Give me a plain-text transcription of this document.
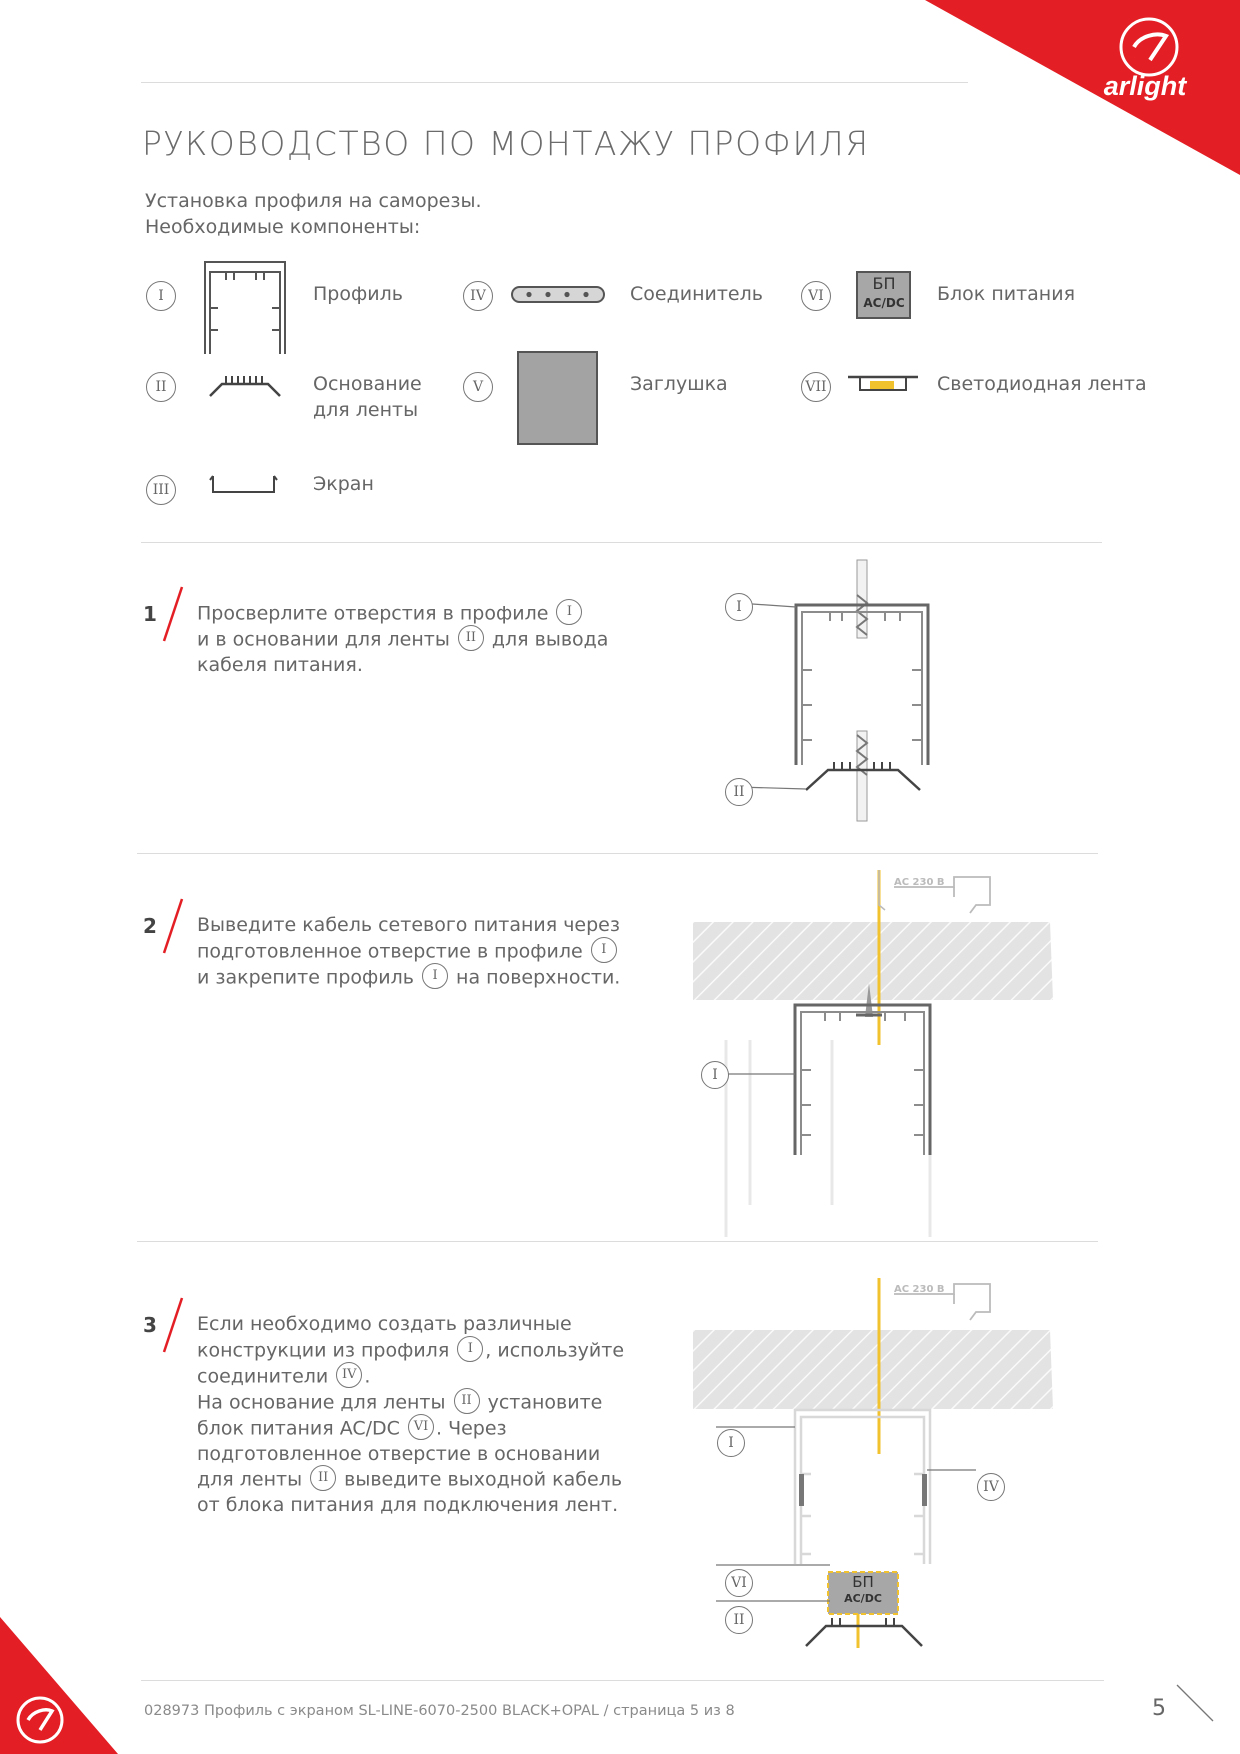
arlight
РУКОВОДСТВО ПО МОНТАЖУ ПРОФИЛЯ
Установка профиля на саморезы.
Необходимые компоненты:
I	Профиль
II	Основание
для ленты
III	Экран
IV	Соединитель
V	Заглушка
VI
БП
AC/DC Блок питания
VII	Светодиодная лента
1 Просверлите отверстия в профиле I
и в основании для ленты II для вывода
кабеля питания.
I
II
2 Выведите кабель сетевого питания через
подготовленное отверстие в профиле I
и закрепите профиль I на поверхности.
AC 230 В
I
3 Если необходимо создать различные
конструкции из профиля I , используйте
соединители IV .
На основание для ленты II установите
блок питания AC/DC VI . Через
подготовленное отверстие в основании
для ленты II выведите выходной кабель
от блока питания для подключения лент.
AC 230 В
БП
AC/DC
I
IV
VI
II
028973 Профиль с экраном SL-LINE-6070-2500 BLACK+OPAL / страница 5 из 8	5
